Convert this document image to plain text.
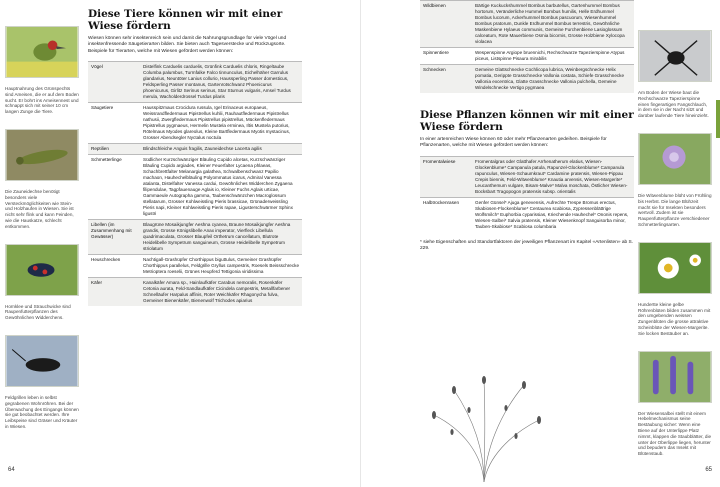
Hauptnahrung des Grünspechts sind Ameisen, die er auf dem Boden sucht. Er bohrt ins Ameisennest und schnappt sich mit seiner 10 cm langen Zunge die Tiere.
Die Zauneidechse benötigt besonders viele Versteckmöglichkeiten wie Stein- und Holzhaufen in Wiesen. Sie ist nicht sehr flink und kann Feinden, wie die Hauskatze, schlecht entkommen.
Hornklee und Strauchwicke sind Raupenfutterpflanzen des Gewöhnlichen Widderchens.
Feldgrillen leben in selbst gegrabenen Wohnröhren. Bei der Überwachung des Eingangs können sie gut beobachtet werden. Ihre Leibspeise sind Gräser und Kräuter in Wiesen.
Diese Tiere können wir mit einer Wiese fördern

Wiesen können sehr insektenreich sein und damit die Nahrungsgrundlage für viele Vögel und insektenfressende Säugetierarten bilden. Sie bieten auch Tagesverstecke und Rückzugsorte. Beispiele für Tierarten, welche mit Wiesen gefördert werden können:

Vögel	Distelfink Carduelis carduelis, Grünfink Carduelis chloris, Ringeltaube Columba palumbus, Turmfalke Falco tinnunculus, Eichelhäher Garrulus glandarius, Neuntöter Lanius collurio, Haussperling Passer domesticus, Feldsperling Passer montanus, Gartenrotschwanz Phoenicurus phoenicurus, Girlitz Serinus serinus, Star Sturnus vulgaris, Amsel Turdus merula, Wacholderdrossel Turdus pilaris
Säugetiere	Hausspitzmaus Crocidura russula, Igel Erinaceus europaeus, Weissrandfledermaus Pipistrellus kuhlii, Rauhautfledermaus Pipistrellus nathusii, Zwergfledermaus Pipistrellus pipistrellus, Mückenfledermaus Pipistrellus pygmaeus, Hermelin Mustela erminea, Iltis Mustela putorius, Rötelmaus Myodes glareolus, Kleine Bartfledermaus Myotis mystacinus, Grosser Abendsegler Nyctalus noctula
Reptilien	Blindschleiche Anguis fragilis, Zauneidechse Lacerta agilis
Schmetterlinge	Südlicher Kurzschwänziger Bläuling Cupido alcetas, Kurzschwänziger Bläuling Cupido argiades, Kleiner Feuerfalter Lycaena phlaeas, Schachbrettfalter Melanargia galathea, Schwalbenschwanz Papilio machaon, Hauhechelbläuling Polyommatus icarus, Admiral Vanessa atalanta, Distelfalter Vanessa cardui, Gewöhnliches Widderchen Zygaena filipendulae, Tagpfauenauge Aglais io, Kleiner Fuchs Aglais urticae, Gammaeule Autographa gamma, Taubenschwänzchen Macroglossum stellatarum, Grosser Kohlweissling Pieris brassicae, Grünaderweissling Pieris napi, Kleiner Kohlweissling Pieris rapae, Ligusterschwärmer Sphinx ligustri
Libellen (im Zusammenhang mit Gewässer)	Blaugrüne Mosaikjungfer Aeshna cyanea, Braune Mosaikjungfer Aeshna grandis, Grosse Königslibelle Anax imperator, Vierfleck Libellula quadrimaculata, Grosser Blaupfeil Orthetrum cancellatum, Blutrote Heidelibelle Sympetrum sanguineum, Grosse Heidelibelle Sympetrum striolatum
Heuschrecken	Nachtigall-Grashüpfer Chorthippus biguttulus, Gemeiner Grashüpfer Chorthippus parallelus, Feldgrille Gryllus campestris, Roesels Beissschrecke Metrioptera roeselii, Grünes Heupferd Tettigonia viridissima
Käfer	Kanalkäfer Amara sp., Hainlaufkäfer Carabus nemoralis, Rosenkäfer Cetonia aurata, Feld-Sandlaufkäfer Cicindela campestris, Metallfarbener Schnelläufer Harpalus affinis, Roter Weichkäfer Rhagonycha fulva, Gemeiner Bienenkäfer, Bienenwolf Trichodes apiarius
64
Wildbienen	Bärtige Kuckuckshummel Bombus barbutellus, Gartenhummel Bombus hortorum, Veränderliche Hummel Bombus humilis, Helle Erdhummel Bombus lucorum, Ackerhummel Bombus pascuorum, Wiesenhummel Bombus pratorum, Dunkle Erdhummel Bombus terrestris, Gewöhnliche Maskenbiene Hylaeus communis, Gemeine Furchenbiene Lasioglossum calceatum, Rote Mauerbiene Osmia bicornis, Grosse Holzbiene Xylocopa violacea
Spinnentiere	Wespenspinne Argiope bruennichi, Rechschwarze Tapezierspinne Atypus piceus, Listspinne Pisaura mirabilis
Schnecken	Gemeine Glattschnecke Cochlicopa lubrica, Weinbergschnecke Helix pomatia, Gerippte Grasschnecke Vallonia costata, Schiefe Grasschnecke Vallonia excentrica, Glatte Grasschnecke Vallonia pulchella, Gemeine Windelschnecke Vertigo pygmaea
Diese Pflanzen können wir mit einer Wiese fördern

In einer artenreichen Wiese können 60 oder mehr Pflanzenarten gedeihen. Beispiele für Pflanzenarten, welche mit Wiesen gefördert werden können:

Fromentalwiese	Fromentalgras oder Glatthafer Arrhenatherum elatius, Wiesen-Glockenblume* Campanula patula, Rapunzel-Glockenblume* Campanula rapunculus, Wiesen-Schaumkraut* Cardamine pratensis, Wiesen-Pippau Crepis biennis, Feld-Witwenblume* Knautia arvensis, Wiesen-Margerite* Leucanthemum vulgare, Bisam-Malve* Malva moschata, Östlicher Wiesen-Bocksbart Tragopogon pratensis subsp. orientalis
Halbtrockenrasen	Genfer Günsel* Ajuga genevensis, Aufrechte Trespe Bromus erectus, Skabiosen-Flockenblume* Centaurea scabiosa, Zypressenblättrige Wolfsmilch* Euphorbia cyparissias, Kriechende Hauhechel* Ononis repens, Wiesen-Salbei* Salvia pratensis, Kleiner Wiesenknopf Sanguisorba minor, Tauben-Skabiose* Scabiosa columbaria

* siehe Eigenschaften und Standortfaktoren der jeweiligen Pflanzenart im Kapitel «Artenlisten» ab S. 229.

Am Boden der Wiese baut die Rechschwarze Tapezierspinne einen fingerartigen Fangschlauch, in dem sie in der Nacht sitzt und darüber laufende Tiere hineinzieht.
Die Witwenblume blüht von Frühling bis Herbst. Die lange Blühzeit macht sie für Insekten besonders wertvoll. Zudem ist sie Raupenfutterpflanze verschiedener Schmetterlingsarten.
Hundertte kleine gelbe Röhrenblüten bilden zusammen mit den umgebenden weissen Zungenblüten die grosse attraktive Scheinblüte der Wiesen-Margerite. Sie locken Bestäuber an.
Der Wiesensalbei stellt mit einem Hebelmechanismus seine Bestäubung sicher: Wenn eine Biene auf der Unterlippe Platz nimmt, klappen die Staubblätter, die unter der Oberlippe liegen, herunter und bepudern das Insekt mit Blütenstaub.
65
